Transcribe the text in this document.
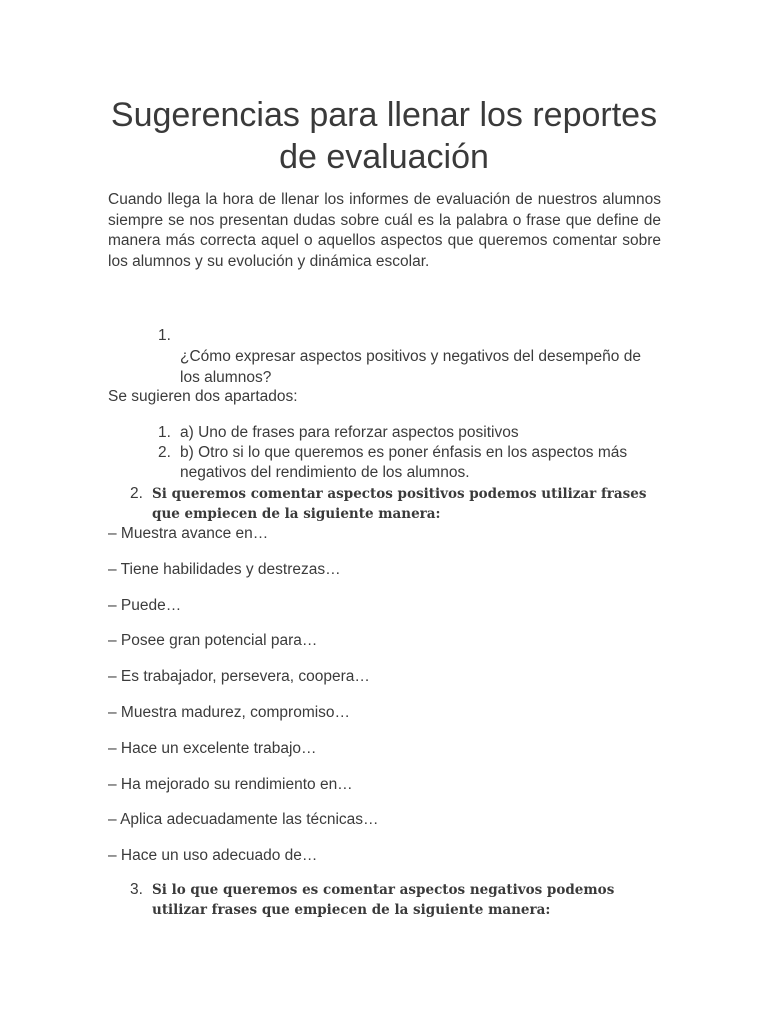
Sugerencias para llenar los reportes de evaluación

Cuando llega la hora de llenar los informes de evaluación de nuestros alumnos siempre se nos presentan dudas sobre cuál es la palabra o frase que define de manera más correcta aquel o aquellos aspectos que queremos comentar sobre los alumnos y su evolución y dinámica escolar.

1.
¿Cómo expresar aspectos positivos y negativos del desempeño de los alumnos?
Se sugieren dos apartados:
1. a) Uno de frases para reforzar aspectos positivos
2. b) Otro si lo que queremos es poner énfasis en los aspectos más negativos del rendimiento de los alumnos.
2. Si queremos comentar aspectos positivos podemos utilizar frases que empiecen de la siguiente manera:
– Muestra avance en…
– Tiene habilidades y destrezas…
– Puede…
– Posee gran potencial para…
– Es trabajador, persevera, coopera…
– Muestra madurez, compromiso…
– Hace un excelente trabajo…
– Ha mejorado su rendimiento en…
– Aplica adecuadamente las técnicas…
– Hace un uso adecuado de…
3. Si lo que queremos es comentar aspectos negativos podemos utilizar frases que empiecen de la siguiente manera:
